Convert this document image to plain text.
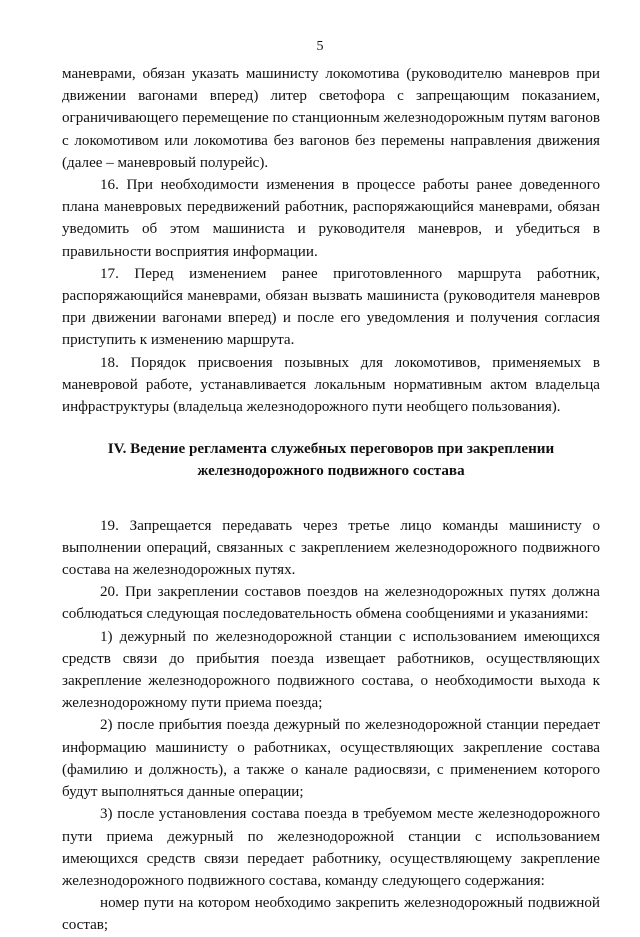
5

маневрами, обязан указать машинисту локомотива (руководителю маневров при движении вагонами вперед) литер светофора с запрещающим показанием, ограничивающего перемещение по станционным железнодорожным путям вагонов с локомотивом или локомотива без вагонов без перемены направления движения (далее – маневровый полурейс).

16. При необходимости изменения в процессе работы ранее доведенного плана маневровых передвижений работник, распоряжающийся маневрами, обязан уведомить об этом машиниста и руководителя маневров, и убедиться в правильности восприятия информации.

17. Перед изменением ранее приготовленного маршрута работник, распоряжающийся маневрами, обязан вызвать машиниста (руководителя маневров при движении вагонами вперед) и после его уведомления и получения согласия приступить к изменению маршрута.

18. Порядок присвоения позывных для локомотивов, применяемых в маневровой работе, устанавливается локальным нормативным актом владельца инфраструктуры (владельца железнодорожного пути необщего пользования).

IV. Ведение регламента служебных переговоров при закреплении
железнодорожного подвижного состава

19. Запрещается передавать через третье лицо команды машинисту о выполнении операций, связанных с закреплением железнодорожного подвижного состава на железнодорожных путях.

20. При закреплении составов поездов на железнодорожных путях должна соблюдаться следующая последовательность обмена сообщениями и указаниями:

1) дежурный по железнодорожной станции с использованием имеющихся средств связи до прибытия поезда извещает работников, осуществляющих закрепление железнодорожного подвижного состава, о необходимости выхода к железнодорожному пути приема поезда;

2) после прибытия поезда дежурный по железнодорожной станции передает информацию машинисту о работниках, осуществляющих закрепление состава (фамилию и должность), а также о канале радиосвязи, с применением которого будут выполняться данные операции;

3) после установления состава поезда в требуемом месте железнодорожного пути приема дежурный по железнодорожной станции с использованием имеющихся средств связи передает работнику, осуществляющему закрепление железнодорожного подвижного состава, команду следующего содержания:

номер пути на котором необходимо закрепить железнодорожный подвижной состав;
